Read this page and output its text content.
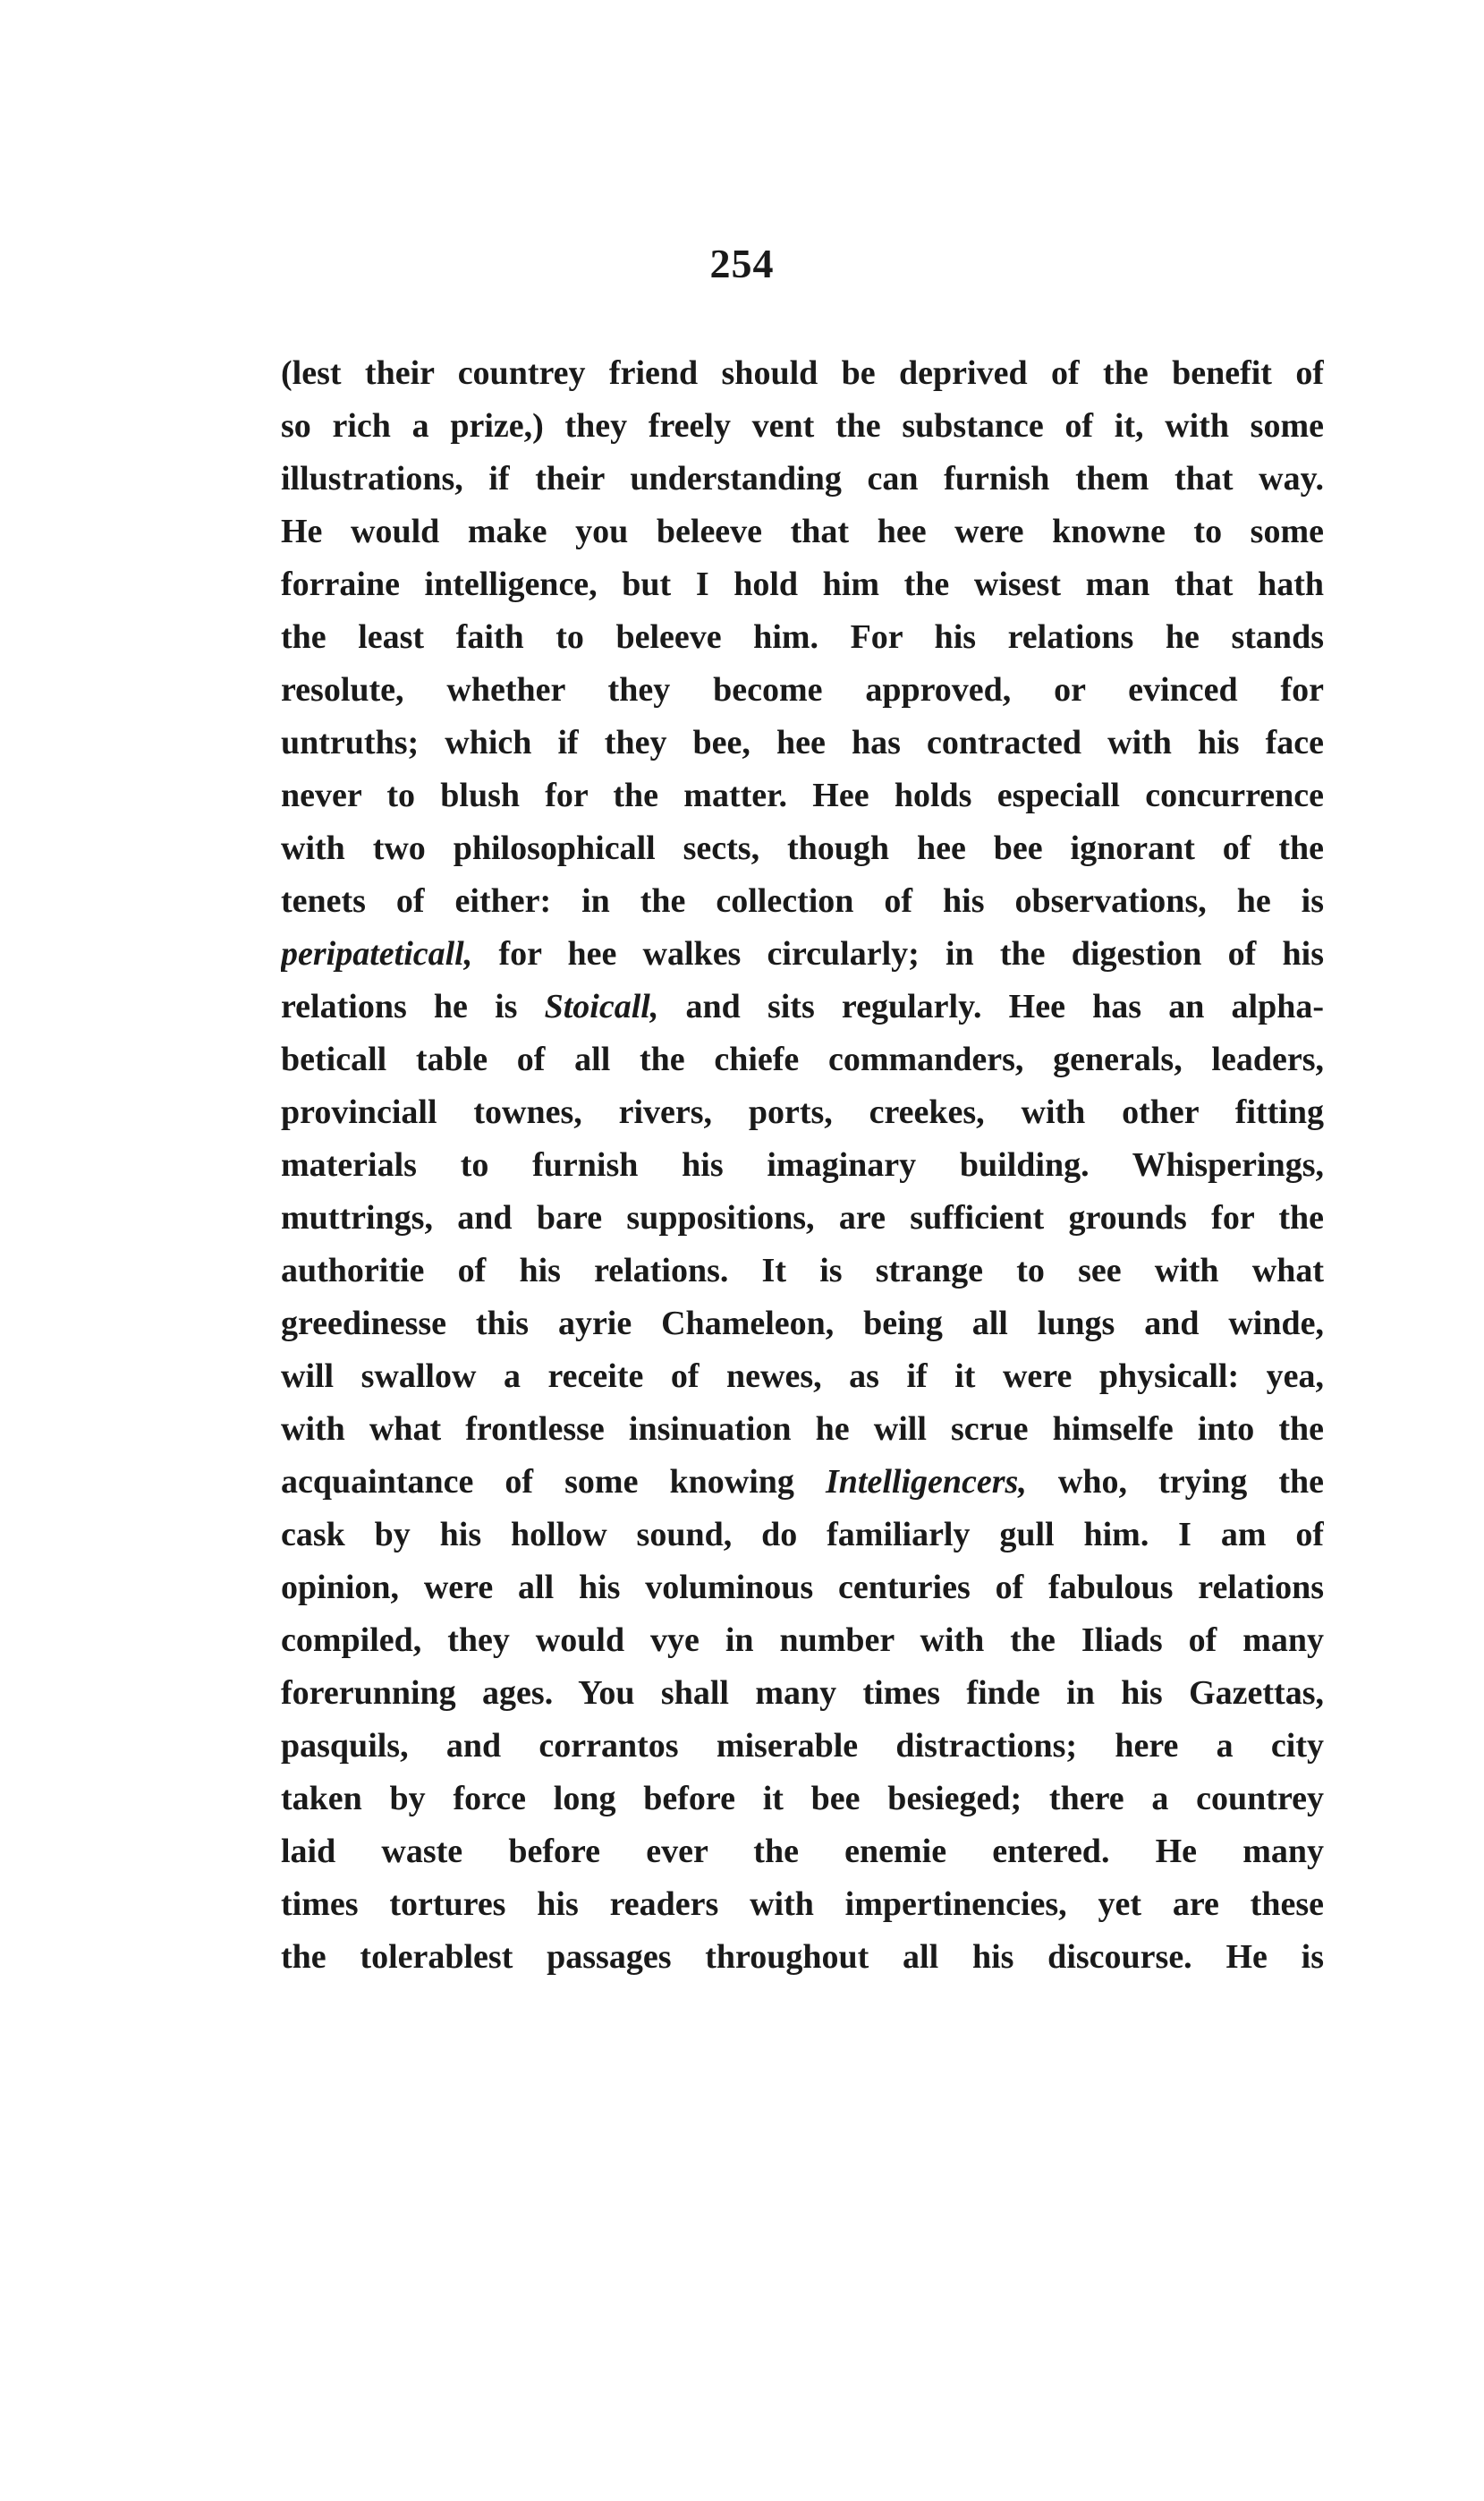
254
(lest their countrey friend should be deprived of the benefit of
so rich a prize,) they freely vent the substance of it, with some
illustrations, if their understanding can furnish them that way.
He would make you beleeve that hee were knowne to some
forraine intelligence, but I hold him the wisest man that hath
the least faith to beleeve him. For his relations he stands
resolute, whether they become approved, or evinced for
untruths; which if they bee, hee has contracted with his face
never to blush for the matter. Hee holds especiall concurrence
with two philosophicall sects, though hee bee ignorant of the
tenets of either: in the collection of his observations, he is
peripateticall, for hee walkes circularly; in the digestion of his
relations he is Stoicall, and sits regularly. Hee has an alpha-
beticall table of all the chiefe commanders, generals, leaders,
provinciall townes, rivers, ports, creekes, with other fitting
materials to furnish his imaginary building. Whisperings,
muttrings, and bare suppositions, are sufficient grounds for the
authoritie of his relations. It is strange to see with what
greedinesse this ayrie Chameleon, being all lungs and winde,
will swallow a receite of newes, as if it were physicall: yea,
with what frontlesse insinuation he will scrue himselfe into the
acquaintance of some knowing Intelligencers, who, trying the
cask by his hollow sound, do familiarly gull him. I am of
opinion, were all his voluminous centuries of fabulous relations
compiled, they would vye in number with the Iliads of many
forerunning ages. You shall many times finde in his Gazettas,
pasquils, and corrantos miserable distractions; here a city
taken by force long before it bee besieged; there a countrey
laid waste before ever the enemie entered. He many
times tortures his readers with impertinencies, yet are these
the tolerablest passages throughout all his discourse. He is
